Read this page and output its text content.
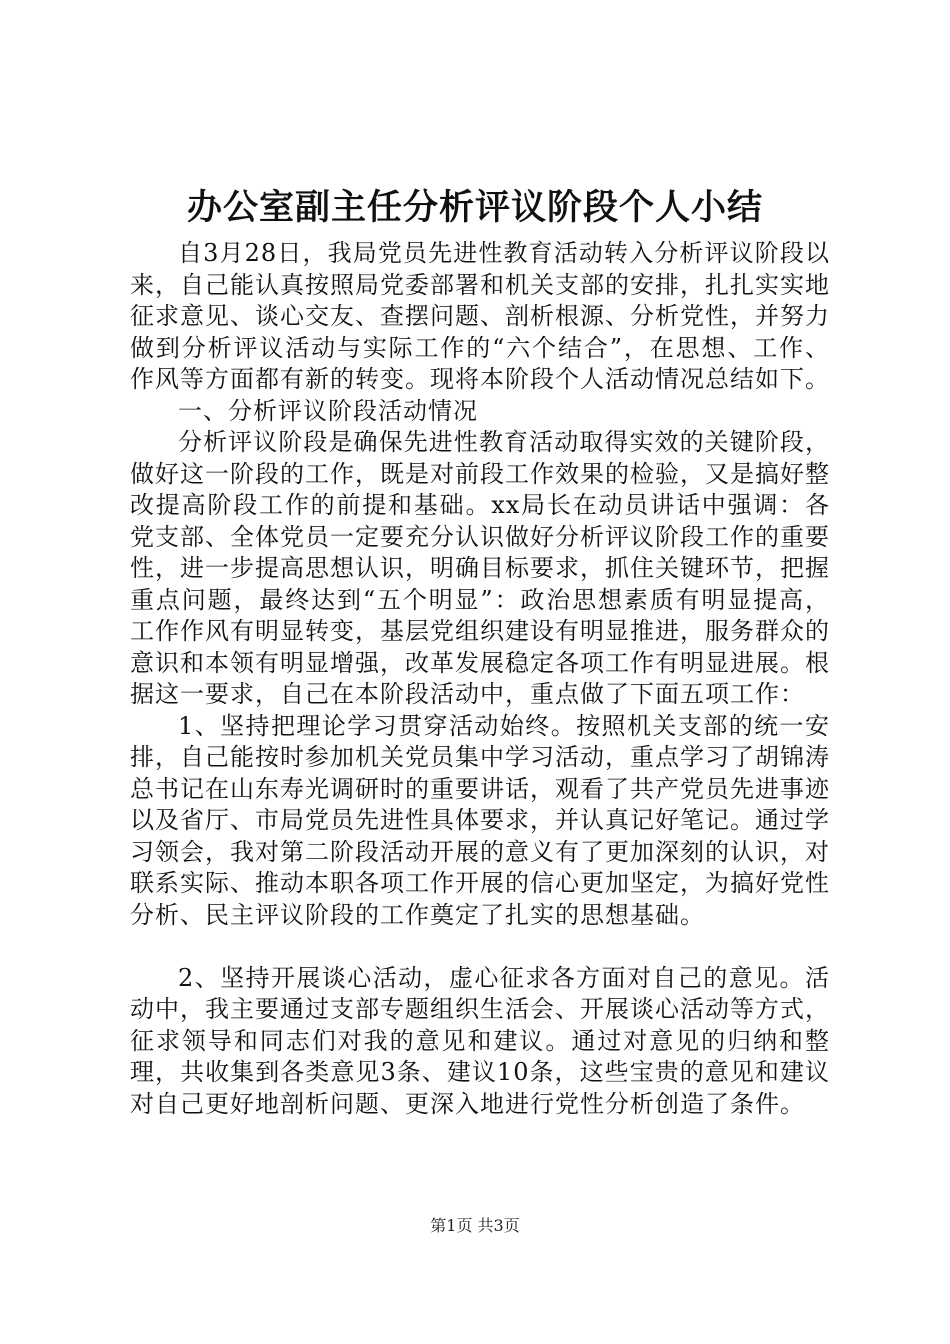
办公室副主任分析评议阶段个人小结

自3月28日，我局党员先进性教育活动转入分析评议阶段以来，自己能认真按照局党委部署和机关支部的安排，扎扎实实地征求意见、谈心交友、查摆问题、剖析根源、分析党性，并努力做到分析评议活动与实际工作的“六个结合”，在思想、工作、作风等方面都有新的转变。现将本阶段个人活动情况总结如下。

一、分析评议阶段活动情况

分析评议阶段是确保先进性教育活动取得实效的关键阶段，做好这一阶段的工作，既是对前段工作效果的检验，又是搞好整改提高阶段工作的前提和基础。xx局长在动员讲话中强调：各党支部、全体党员一定要充分认识做好分析评议阶段工作的重要性，进一步提高思想认识，明确目标要求，抓住关键环节，把握重点问题，最终达到“五个明显”：政治思想素质有明显提高，工作作风有明显转变，基层党组织建设有明显推进，服务群众的意识和本领有明显增强，改革发展稳定各项工作有明显进展。根据这一要求，自己在本阶段活动中，重点做了下面五项工作：

1、坚持把理论学习贯穿活动始终。按照机关支部的统一安排，自己能按时参加机关党员集中学习活动，重点学习了胡锦涛总书记在山东寿光调研时的重要讲话，观看了共产党员先进事迹以及省厅、市局党员先进性具体要求，并认真记好笔记。通过学习领会，我对第二阶段活动开展的意义有了更加深刻的认识，对联系实际、推动本职各项工作开展的信心更加坚定，为搞好党性分析、民主评议阶段的工作奠定了扎实的思想基础。

2、坚持开展谈心活动，虚心征求各方面对自己的意见。活动中，我主要通过支部专题组织生活会、开展谈心活动等方式，征求领导和同志们对我的意见和建议。通过对意见的归纳和整理，共收集到各类意见3条、建议10条，这些宝贵的意见和建议对自己更好地剖析问题、更深入地进行党性分析创造了条件。

第1页 共3页
